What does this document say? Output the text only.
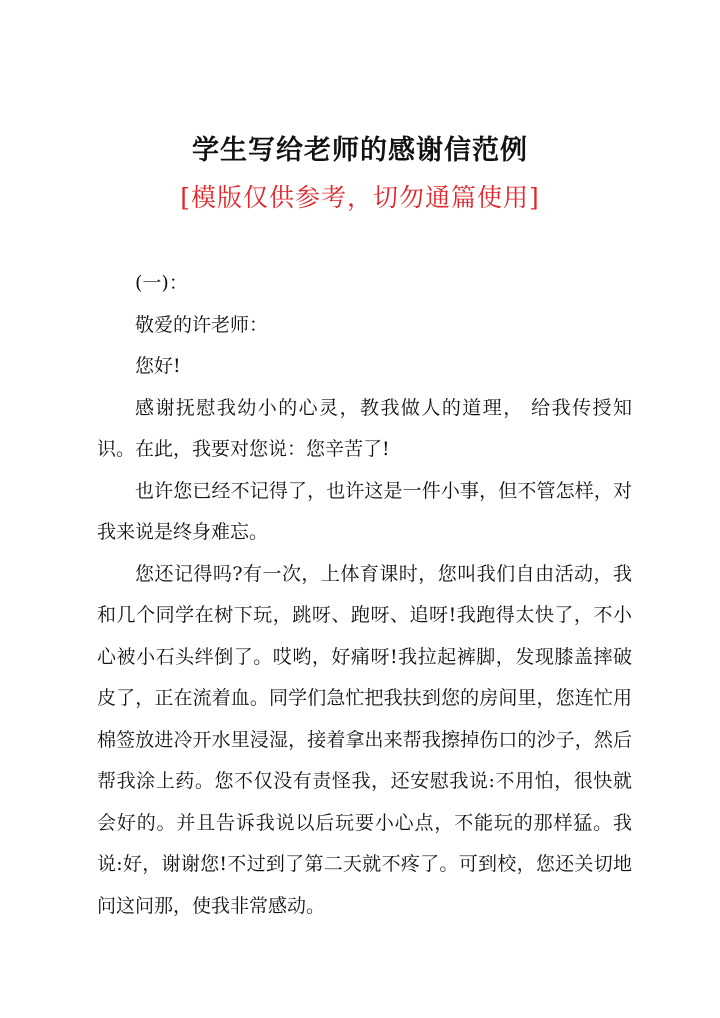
学生写给老师的感谢信范例
[模版仅供参考，切勿通篇使用]

(一)：

敬爱的许老师：

您好!

感谢抚慰我幼小的心灵，教我做人的道理， 给我传授知识。在此，我要对您说：您辛苦了!

也许您已经不记得了，也许这是一件小事，但不管怎样，对我来说是终身难忘。

您还记得吗?有一次，上体育课时，您叫我们自由活动，我和几个同学在树下玩，跳呀、跑呀、追呀!我跑得太快了，不小心被小石头绊倒了。哎哟，好痛呀!我拉起裤脚，发现膝盖摔破皮了，正在流着血。同学们急忙把我扶到您的房间里，您连忙用棉签放进冷开水里浸湿，接着拿出来帮我擦掉伤口的沙子，然后帮我涂上药。您不仅没有责怪我，还安慰我说:不用怕，很快就会好的。并且告诉我说以后玩要小心点，不能玩的那样猛。我说:好，谢谢您!不过到了第二天就不疼了。可到校，您还关切地问这问那，使我非常感动。
